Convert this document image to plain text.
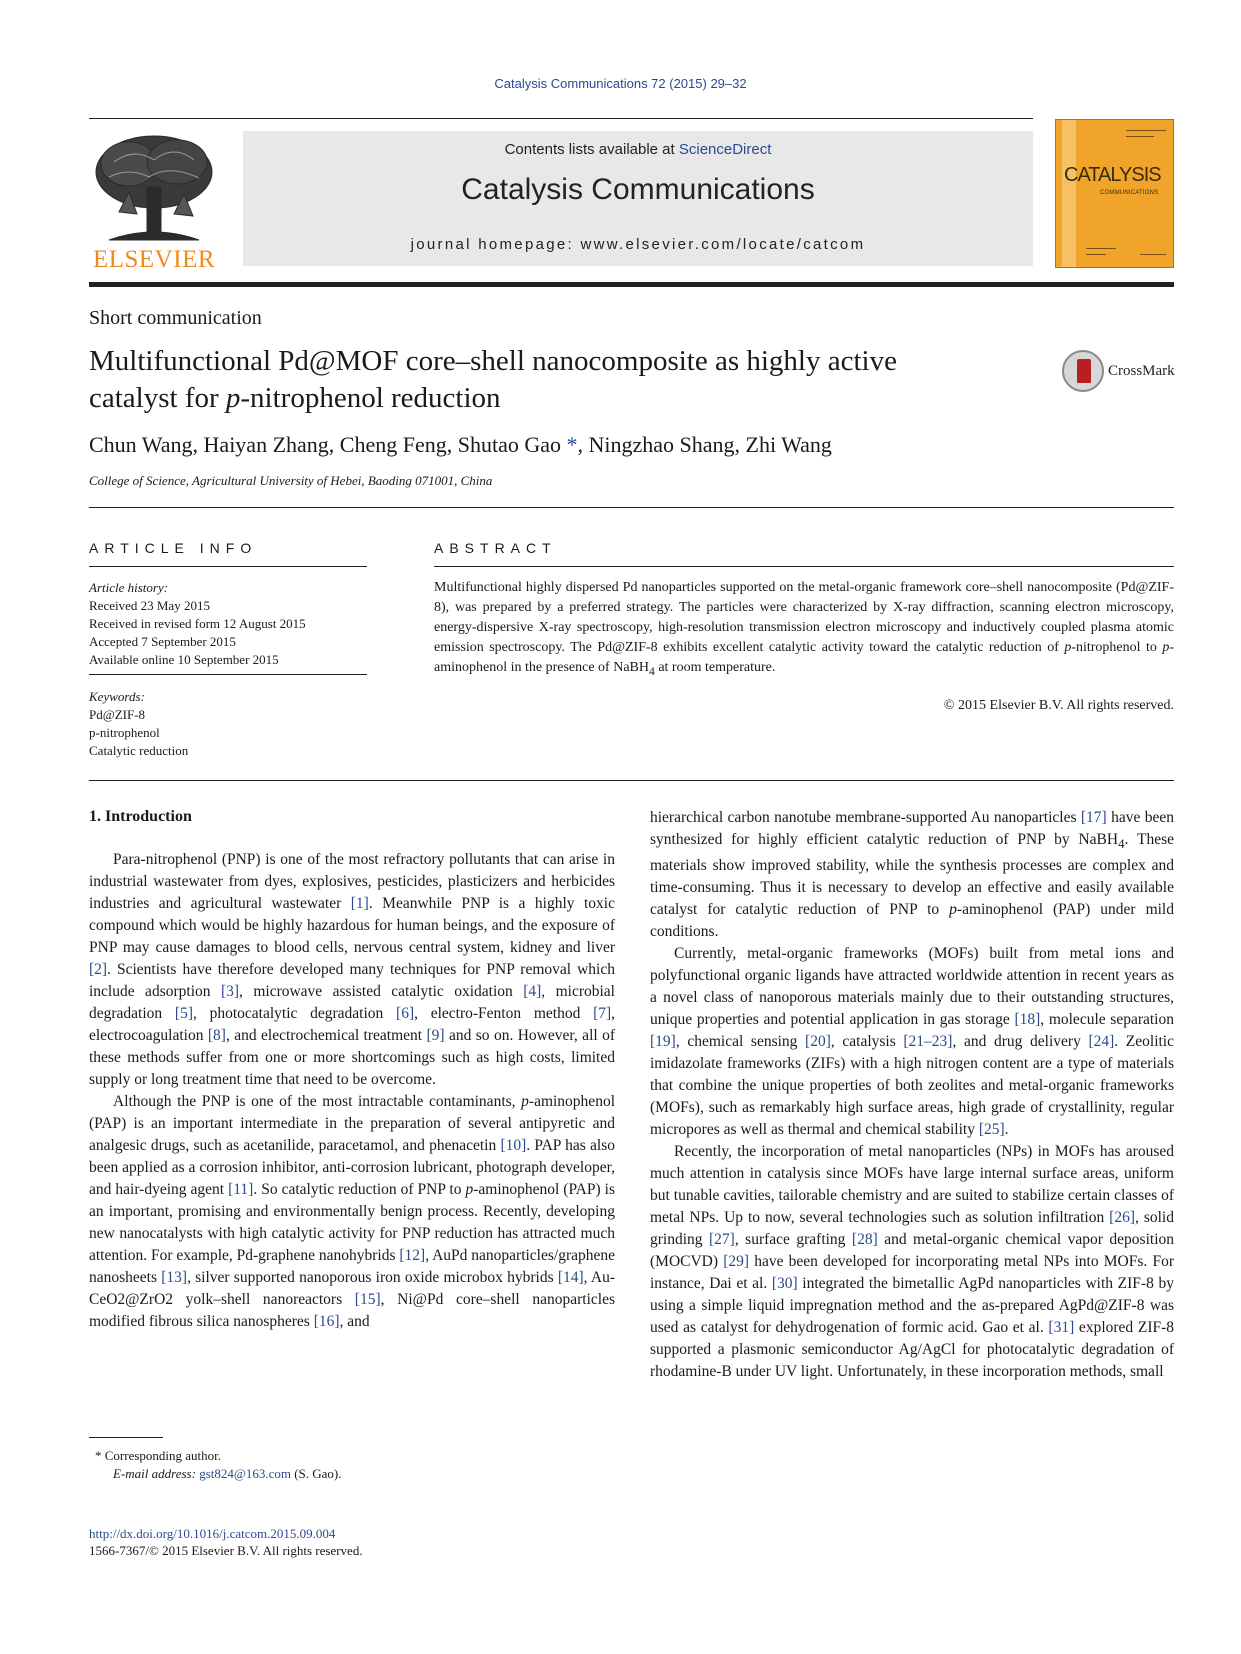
Catalysis Communications 72 (2015) 29–32
ELSEVIER
Contents lists available at ScienceDirect
Catalysis Communications
journal homepage: www.elsevier.com/locate/catcom
CATALYSIS
COMMUNICATIONS
Short communication
Multifunctional Pd@MOF core–shell nanocomposite as highly active catalyst for p-nitrophenol reduction
CrossMark
Chun Wang, Haiyan Zhang, Cheng Feng, Shutao Gao *, Ningzhao Shang, Zhi Wang
College of Science, Agricultural University of Hebei, Baoding 071001, China
ARTICLE INFO
Article history:
Received 23 May 2015
Received in revised form 12 August 2015
Accepted 7 September 2015
Available online 10 September 2015
Keywords:
Pd@ZIF-8
p-nitrophenol
Catalytic reduction
ABSTRACT
Multifunctional highly dispersed Pd nanoparticles supported on the metal-organic framework core–shell nanocomposite (Pd@ZIF-8), was prepared by a preferred strategy. The particles were characterized by X-ray diffraction, scanning electron microscopy, energy-dispersive X-ray spectroscopy, high-resolution transmission electron microscopy and inductively coupled plasma atomic emission spectroscopy. The Pd@ZIF-8 exhibits excellent catalytic activity toward the catalytic reduction of p-nitrophenol to p-aminophenol in the presence of NaBH$_4$ at room temperature.
© 2015 Elsevier B.V. All rights reserved.
1. Introduction

Para-nitrophenol (PNP) is one of the most refractory pollutants that can arise in industrial wastewater from dyes, explosives, pesticides, plasticizers and herbicides industries and agricultural wastewater [1]. Meanwhile PNP is a highly toxic compound which would be highly hazardous for human beings, and the exposure of PNP may cause damages to blood cells, nervous central system, kidney and liver [2]. Scientists have therefore developed many techniques for PNP removal which include adsorption [3], microwave assisted catalytic oxidation [4], microbial degradation [5], photocatalytic degradation [6], electro-Fenton method [7], electrocoagulation [8], and electrochemical treatment [9] and so on. However, all of these methods suffer from one or more shortcomings such as high costs, limited supply or long treatment time that need to be overcome.

Although the PNP is one of the most intractable contaminants, p-aminophenol (PAP) is an important intermediate in the preparation of several antipyretic and analgesic drugs, such as acetanilide, paracetamol, and phenacetin [10]. PAP has also been applied as a corrosion inhibitor, anti-corrosion lubricant, photograph developer, and hair-dyeing agent [11]. So catalytic reduction of PNP to p-aminophenol (PAP) is an important, promising and environmentally benign process. Recently, developing new nanocatalysts with high catalytic activity for PNP reduction has attracted much attention. For example, Pd-graphene nanohybrids [12], AuPd nanoparticles/graphene nanosheets [13], silver supported nanoporous iron oxide microbox hybrids [14], Au-CeO2@ZrO2 yolk–shell nanoreactors [15], Ni@Pd core–shell nanoparticles modified fibrous silica nanospheres [16], and

hierarchical carbon nanotube membrane-supported Au nanoparticles [17] have been synthesized for highly efficient catalytic reduction of PNP by NaBH$_4$. These materials show improved stability, while the synthesis processes are complex and time-consuming. Thus it is necessary to develop an effective and easily available catalyst for catalytic reduction of PNP to p-aminophenol (PAP) under mild conditions.

Currently, metal-organic frameworks (MOFs) built from metal ions and polyfunctional organic ligands have attracted worldwide attention in recent years as a novel class of nanoporous materials mainly due to their outstanding structures, unique properties and potential application in gas storage [18], molecule separation [19], chemical sensing [20], catalysis [21–23], and drug delivery [24]. Zeolitic imidazolate frameworks (ZIFs) with a high nitrogen content are a type of materials that combine the unique properties of both zeolites and metal-organic frameworks (MOFs), such as remarkably high surface areas, high grade of crystallinity, regular micropores as well as thermal and chemical stability [25].

Recently, the incorporation of metal nanoparticles (NPs) in MOFs has aroused much attention in catalysis since MOFs have large internal surface areas, uniform but tunable cavities, tailorable chemistry and are suited to stabilize certain classes of metal NPs. Up to now, several technologies such as solution infiltration [26], solid grinding [27], surface grafting [28] and metal-organic chemical vapor deposition (MOCVD) [29] have been developed for incorporating metal NPs into MOFs. For instance, Dai et al. [30] integrated the bimetallic AgPd nanoparticles with ZIF-8 by using a simple liquid impregnation method and the as-prepared AgPd@ZIF-8 was used as catalyst for dehydrogenation of formic acid. Gao et al. [31] explored ZIF-8 supported a plasmonic semiconductor Ag/AgCl for photocatalytic degradation of rhodamine-B under UV light. Unfortunately, in these incorporation methods, small

* Corresponding author.
E-mail address: gst824@163.com (S. Gao).
http://dx.doi.org/10.1016/j.catcom.2015.09.004
1566-7367/© 2015 Elsevier B.V. All rights reserved.
